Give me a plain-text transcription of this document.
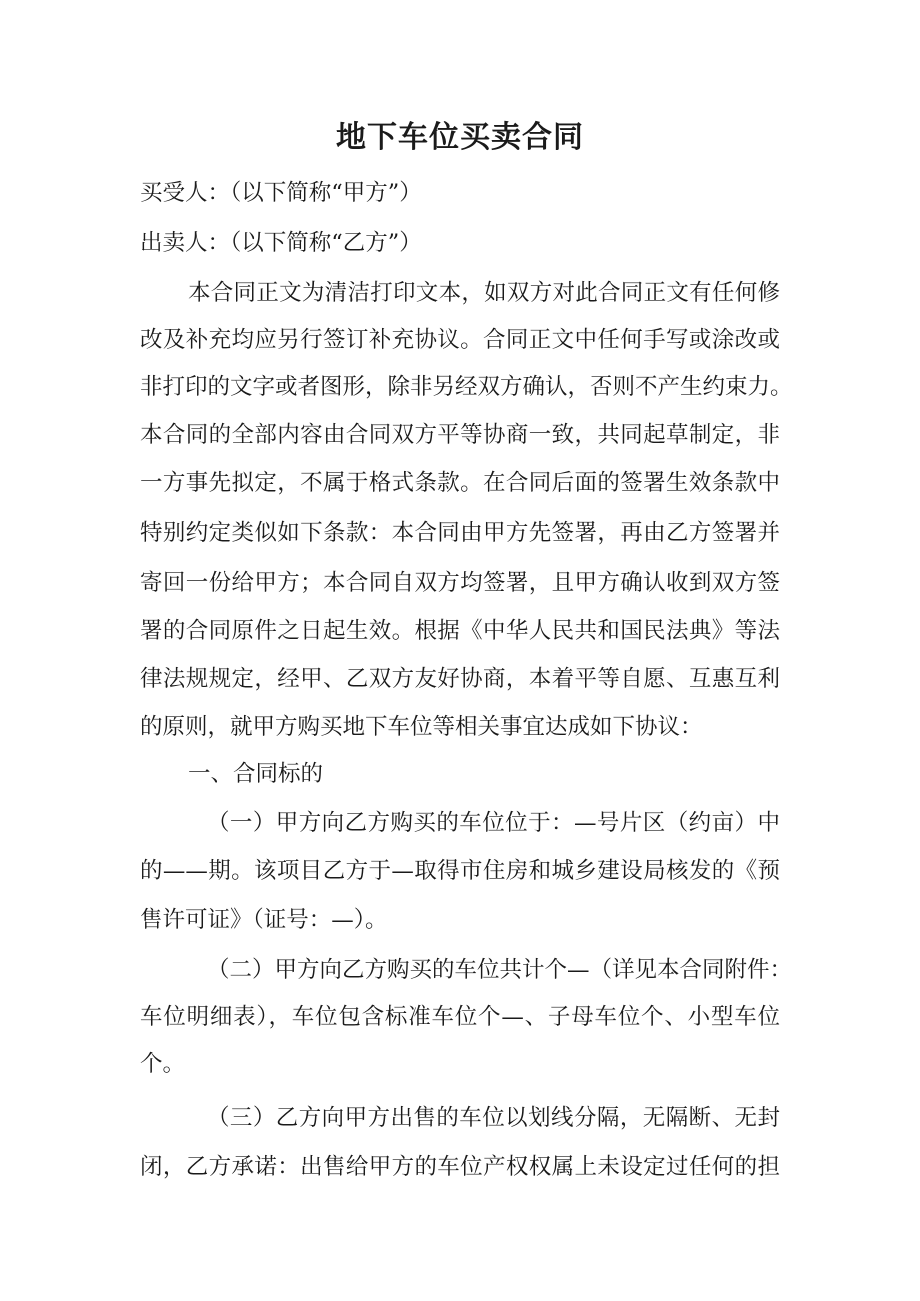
地下车位买卖合同

买受人：（以下简称“甲方”）

出卖人：（以下简称“乙方”）

本合同正文为清洁打印文本，如双方对此合同正文有任何修

改及补充均应另行签订补充协议。合同正文中任何手写或涂改或

非打印的文字或者图形，除非另经双方确认，否则不产生约束力。

本合同的全部内容由合同双方平等协商一致，共同起草制定，非

一方事先拟定，不属于格式条款。在合同后面的签署生效条款中

特别约定类似如下条款：本合同由甲方先签署，再由乙方签署并

寄回一份给甲方；本合同自双方均签署，且甲方确认收到双方签

署的合同原件之日起生效。根据《中华人民共和国民法典》等法

律法规规定，经甲、乙双方友好协商，本着平等自愿、互惠互利

的原则，就甲方购买地下车位等相关事宜达成如下协议：

一、合同标的

（一）甲方向乙方购买的车位位于：—号片区（约亩）中

的——期。该项目乙方于—取得市住房和城乡建设局核发的《预

售许可证》（证号：—）。

（二）甲方向乙方购买的车位共计个—（详见本合同附件：

车位明细表），车位包含标准车位个—、子母车位个、小型车位

个。

（三）乙方向甲方出售的车位以划线分隔，无隔断、无封

闭，乙方承诺：出售给甲方的车位产权权属上未设定过任何的担
